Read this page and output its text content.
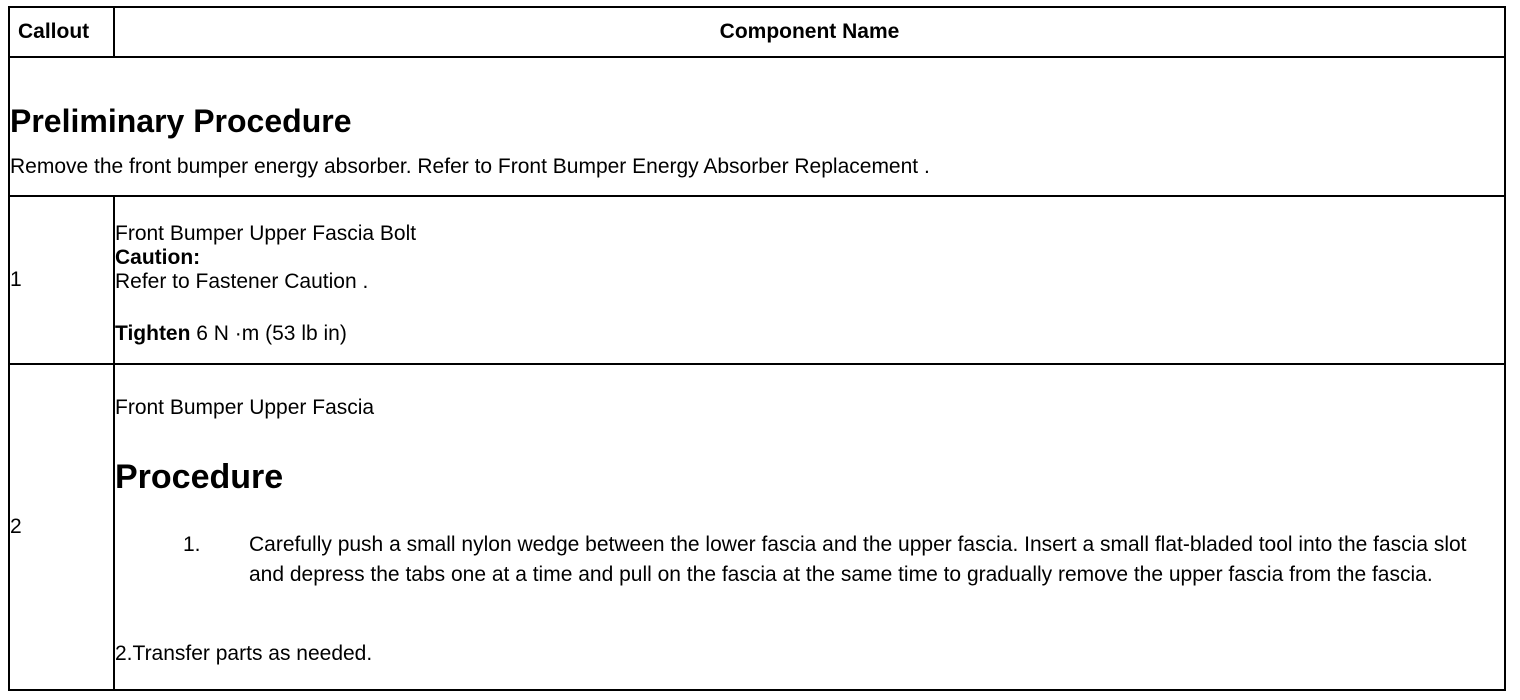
Callout	Component Name

Preliminary Procedure
Remove the front bumper energy absorber. Refer to Front Bumper Energy Absorber Replacement .	

1	Front Bumper Upper Fascia Bolt
Caution:
Refer to Fastener Caution .
Tighten 6 N ·m (53 lb in)

2	Front Bumper Upper Fascia
Procedure
1. Carefully push a small nylon wedge between the lower fascia and the upper fascia. Insert a small flat-bladed tool into the fascia slot and depress the tabs one at a time and pull on the fascia at the same time to gradually remove the upper fascia from the fascia.
2.Transfer parts as needed.
